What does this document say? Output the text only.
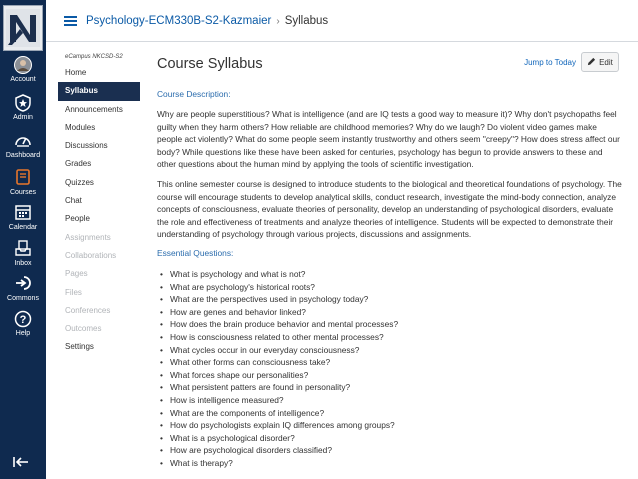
Account
Admin
Dashboard
Courses
Calendar
Inbox
Commons
?
Help
Psychology-ECM330B-S2-Kazmaier › Syllabus
eCampus NKCSD-S2
Home
Syllabus
Announcements
Modules
Discussions
Grades
Quizzes
Chat
People
Assignments
Collaborations
Pages
Files
Conferences
Outcomes
Settings
Course Syllabus	Jump to Today	Edit
Course Description:
Why are people superstitious? What is intelligence (and are IQ tests a good way to measure it)? Why don't psychopaths feel guilty when they harm others? How reliable are childhood memories? Why do we laugh? Do violent video games make people act violently? What do some people seem instantly trustworthy and others seem "creepy"? How does stress affect our body? While questions like these have been asked for centuries, psychology has begun to provide answers to these and other questions about the human mind by applying the tools of scientific investigation.
This online semester course is designed to introduce students to the biological and theoretical foundations of psychology. The course will encourage students to develop analytical skills, conduct research, investigate the mind-body connection, analyze concepts of consciousness, evaluate theories of personality, develop an understanding of psychological disorders, evaluate the role and effectiveness of treatments and analyze theories of intelligence. Students will be expected to demonstrate their understanding of psychology through various projects, discussions and assignments.
Essential Questions:
• What is psychology and what is not?
• What are psychology's historical roots?
• What are the perspectives used in psychology today?
• How are genes and behavior linked?
• How does the brain produce behavior and mental processes?
• How is consciousness related to other mental processes?
• What cycles occur in our everyday consciousness?
• What other forms can consciousness take?
• What forces shape our personalities?
• What persistent patters are found in personality?
• How is intelligence measured?
• What are the components of intelligence?
• How do psychologists explain IQ differences among groups?
• What is a psychological disorder?
• How are psychological disorders classified?
• What is therapy?
